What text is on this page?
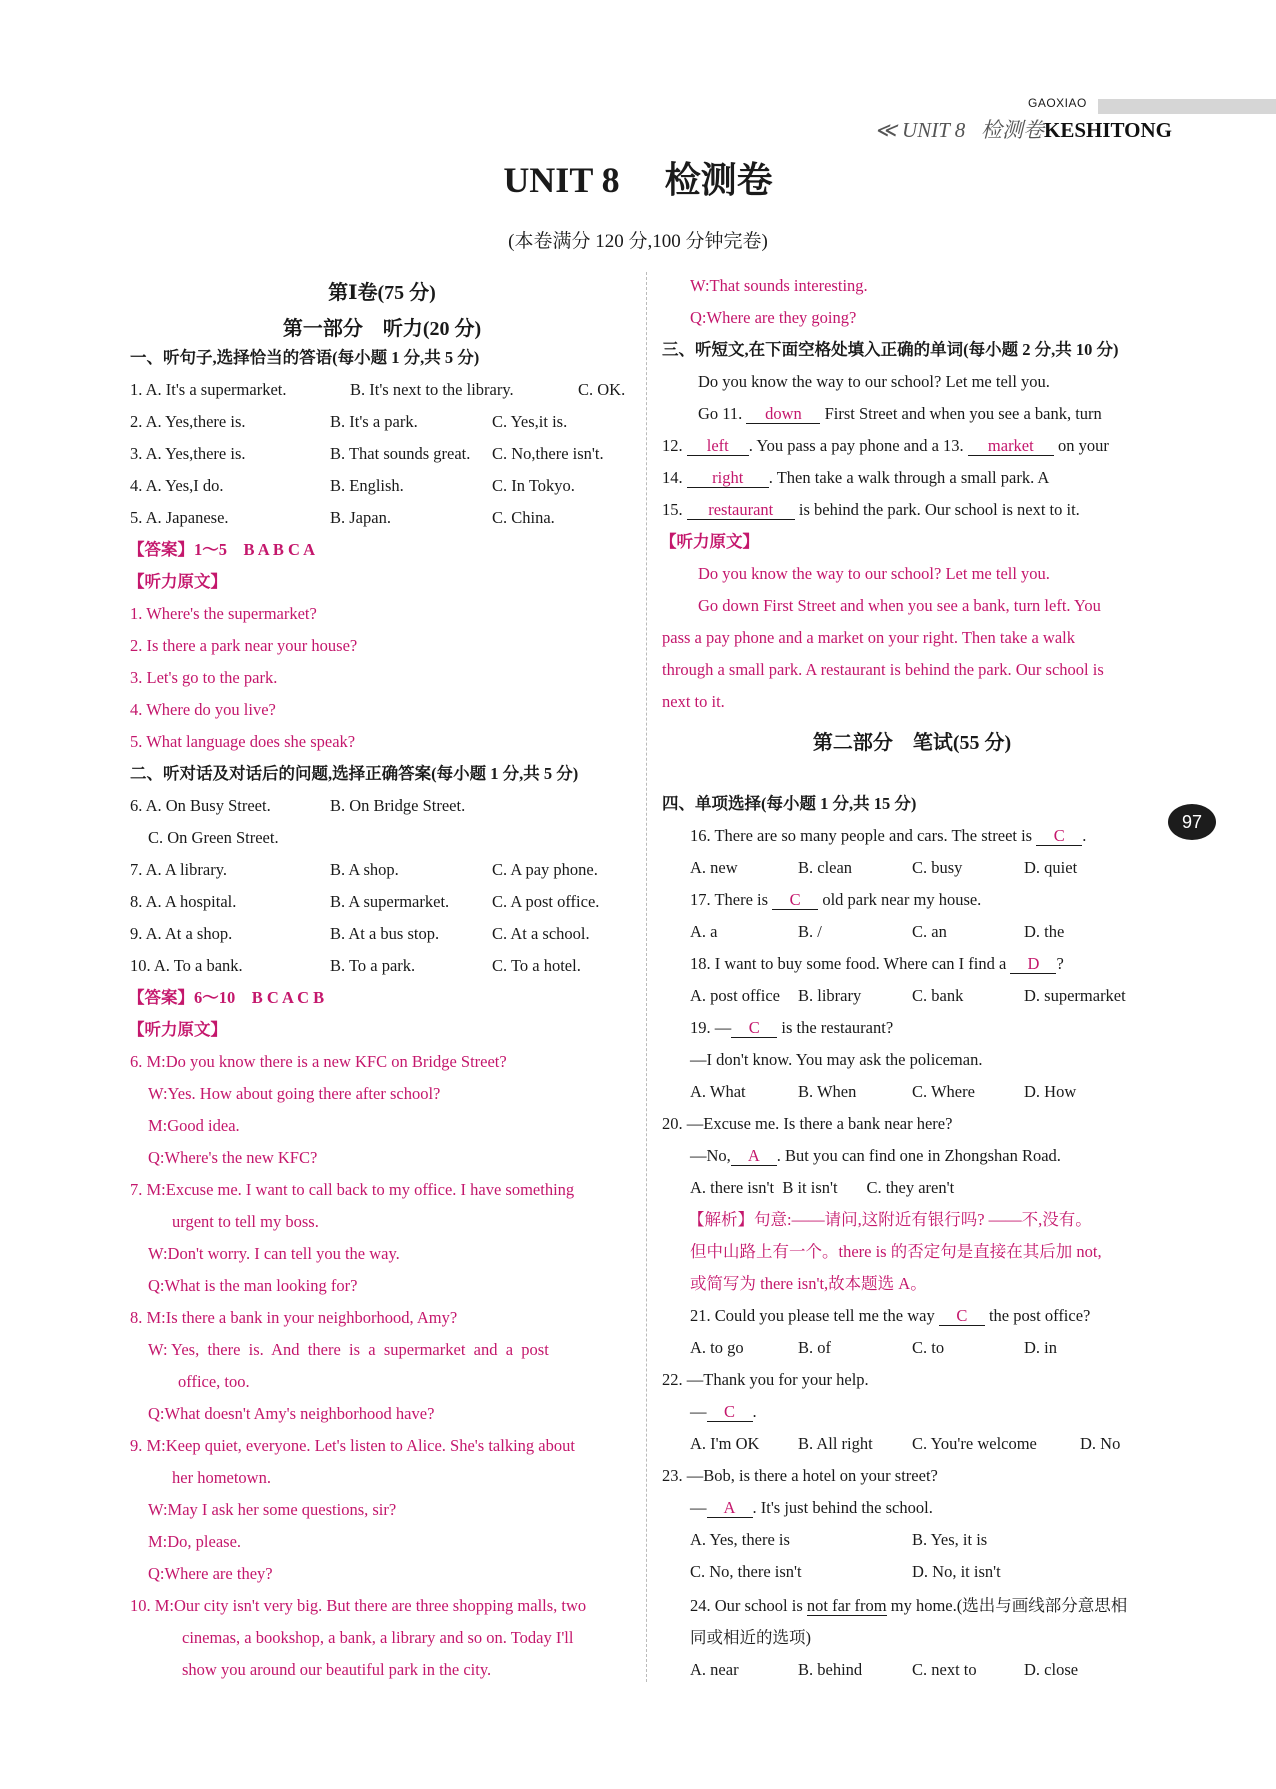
GAOXIAO
≪ UNIT 8 检测卷KESHITONG
UNIT 8　 检测卷
(本卷满分 120 分,100 分钟完卷)
97
第Ⅰ卷(75 分)
第一部分　听力(20 分)
一、听句子,选择恰当的答语(每小题 1 分,共 5 分)
1. A. It's a supermarket.	B. It's next to the library.	C. OK.
2. A. Yes,there is.	B. It's a park.	C. Yes,it is.
3. A. Yes,there is.	B. That sounds great. C. No,there isn't.
4. A. Yes,I do.	B. English.	C. In Tokyo.
5. A. Japanese.	B. Japan.	C. China.
【答案】1～5　B A B C A
【听力原文】
1. Where's the supermarket?
2. Is there a park near your house?
3. Let's go to the park.
4. Where do you live?
5. What language does she speak?
二、听对话及对话后的问题,选择正确答案(每小题 1 分,共 5 分)
6. A. On Busy Street.	B. On Bridge Street.
C. On Green Street.
7. A. A library.	B. A shop.	C. A pay phone.
8. A. A hospital.	B. A supermarket.	C. A post office.
9. A. At a shop.	B. At a bus stop.	C. At a school.
10. A. To a bank.	B. To a park.	C. To a hotel.
【答案】6～10　B C A C B
【听力原文】
6. M:Do you know there is a new KFC on Bridge Street?
W:Yes. How about going there after school?
M:Good idea.
Q:Where's the new KFC?
7. M:Excuse me. I want to call back to my office. I have something
urgent to tell my boss.
W:Don't worry. I can tell you the way.
Q:What is the man looking for?
8. M:Is there a bank in your neighborhood, Amy?
W: Yes,  there  is.  And  there  is  a  supermarket  and  a  post
office, too.
Q:What doesn't Amy's neighborhood have?
9. M:Keep quiet, everyone. Let's listen to Alice. She's talking about
her hometown.
W:May I ask her some questions, sir?
M:Do, please.
Q:Where are they?
10. M:Our city isn't very big. But there are three shopping malls, two
cinemas, a bookshop, a bank, a library and so on. Today I'll
show you around our beautiful park in the city.
W:That sounds interesting.
Q:Where are they going?
三、听短文,在下面空格处填入正确的单词(每小题 2 分,共 10 分)
Do you know the way to our school? Let me tell you.
Go 11. down First Street and when you see a bank, turn
12. left . You pass a pay phone and a 13. market on your
14. right . Then take a walk through a small park. A
15. restaurant is behind the park. Our school is next to it.
【听力原文】
Do you know the way to our school? Let me tell you.
Go down First Street and when you see a bank, turn left. You
pass a pay phone and a market on your right. Then take a walk
through a small park. A restaurant is behind the park. Our school is
next to it.
第二部分　笔试(55 分)
四、单项选择(每小题 1 分,共 15 分)
16. There are so many people and cars. The street is C .
A. new	B. clean	C. busy	D. quiet
17. There is C old park near my house.
A. a	B. /	C. an	D. the
18. I want to buy some food. Where can I find a D ?
A. post office B. library	C. bank	D. supermarket
19. — C is the restaurant?
—I don't know. You may ask the policeman.
A. What	B. When	C. Where	D. How
20. —Excuse me. Is there a bank near here?
—No, A . But you can find one in Zhongshan Road.
A. there isn't  B it isn't       C. they aren't
【解析】句意:——请问,这附近有银行吗? ——不,没有。
但中山路上有一个。there is 的否定句是直接在其后加 not,
或简写为 there isn't,故本题选 A。
21. Could you please tell me the way C the post office?
A. to go	B. of	C. to	D. in
22. —Thank you for your help.
— C .
A. I'm OK B. All right C. You're welcome	D. No
23. —Bob, is there a hotel on your street?
— A . It's just behind the school.
A. Yes, there is	B. Yes, it is
C. No, there isn't	D. No, it isn't
24. Our school is not far from my home.(选出与画线部分意思相
同或相近的选项)
A. near	B. behind	C. next to	D. close
